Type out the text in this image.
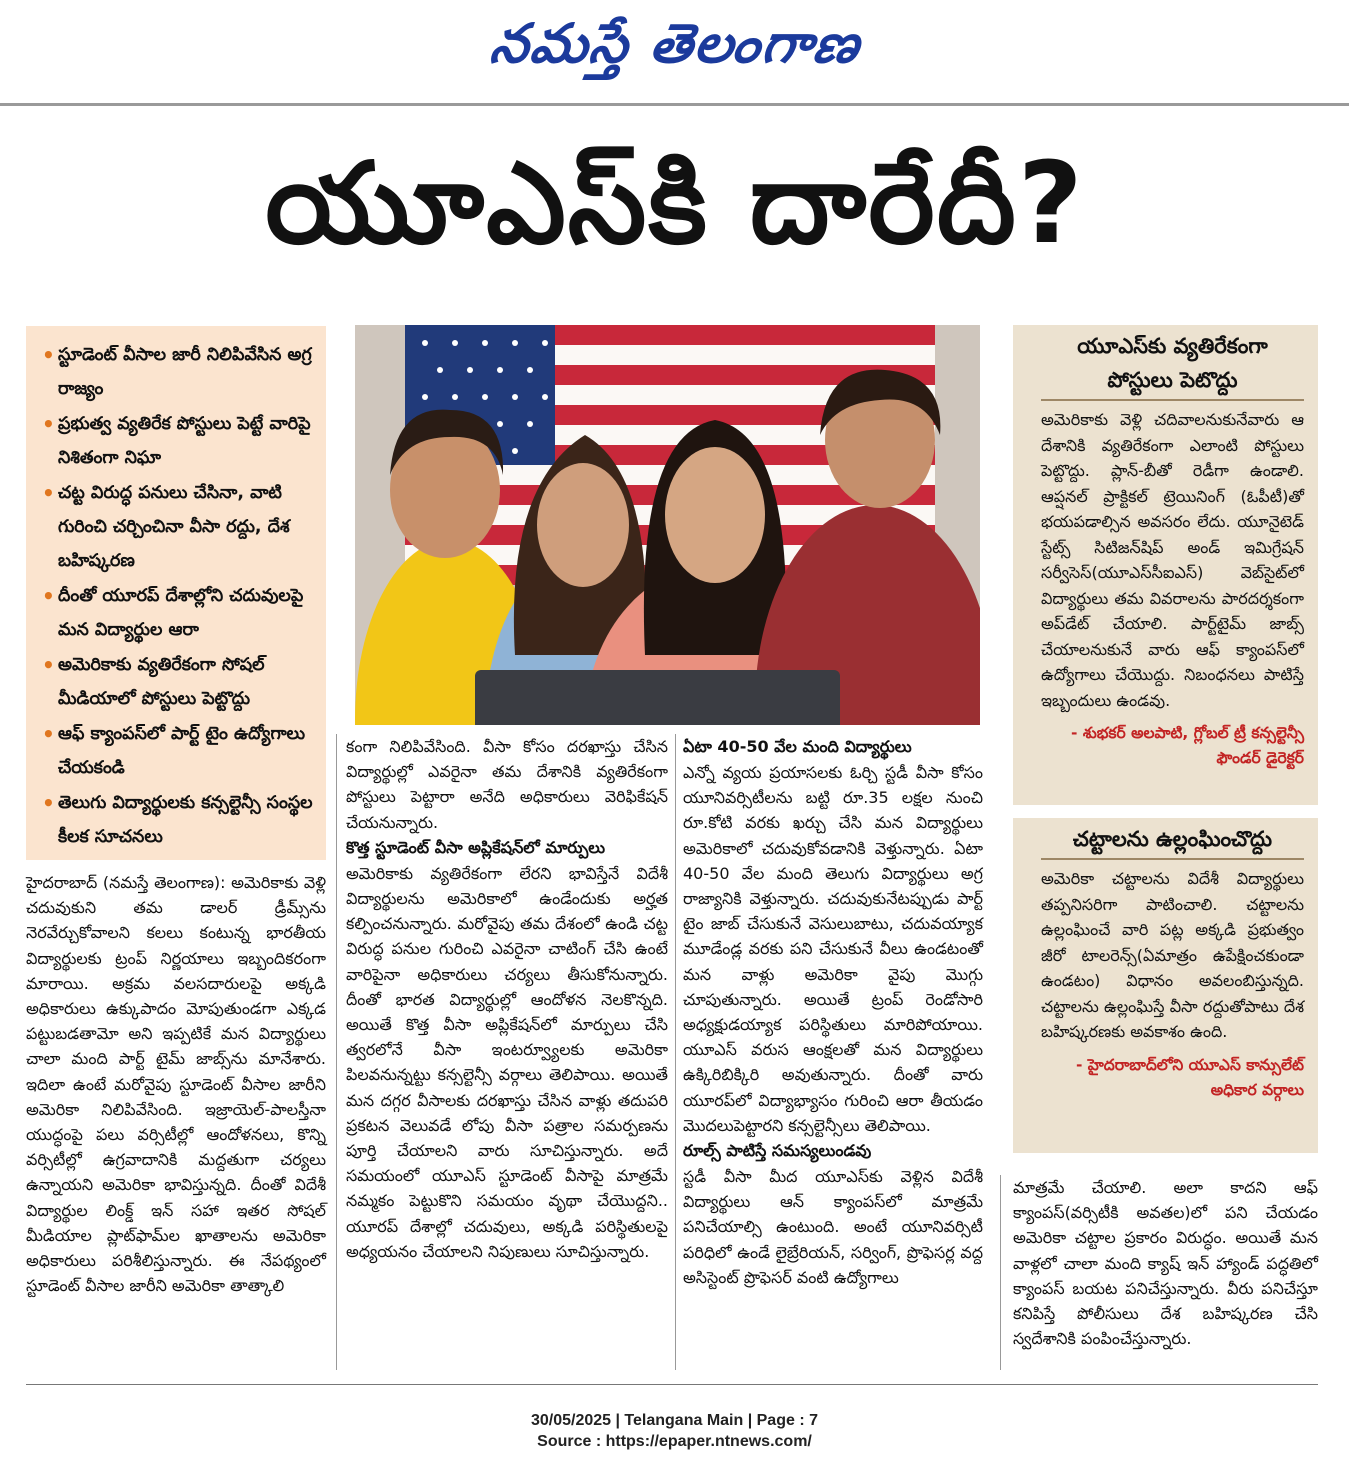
నమస్తే తెలంగాణ
యూఎస్‌కి దారేదీ?
• స్టూడెంట్ వీసాల జారీ నిలిపివేసిన అగ్ర రాజ్యం
• ప్రభుత్వ వ్యతిరేక పోస్టులు పెట్టే వారిపై నిశితంగా నిఘా
• చట్ట విరుద్ధ పనులు చేసినా, వాటి గురించి చర్చించినా వీసా రద్దు, దేశ బహిష్కరణ
• దీంతో యూరప్ దేశాల్లోని చదువులపై మన విద్యార్థుల ఆరా
• అమెరికాకు వ్యతిరేకంగా సోషల్ మీడియాలో పోస్టులు పెట్టొద్దు
• ఆఫ్ క్యాంపస్‌లో పార్ట్ టైం ఉద్యోగాలు చేయకండి
• తెలుగు విద్యార్థులకు కన్సల్టెన్సీ సంస్థల కీలక సూచనలు

హైదరాబాద్ (నమస్తే తెలంగాణ): అమెరికాకు వెళ్లి చదువుకుని తమ డాలర్ డ్రీమ్స్‌ను నెరవేర్చుకోవాలని కలలు కంటున్న భారతీయ విద్యార్థులకు ట్రంప్ నిర్ణయాలు ఇబ్బందికరంగా మారాయి. అక్రమ వలసదారులపై అక్కడి అధికారులు ఉక్కుపాదం మోపుతుండగా ఎక్కడ పట్టుబడతామో అని ఇప్పటికే మన విద్యార్థులు చాలా మంది పార్ట్ టైమ్ జాబ్స్‌ను మానేశారు. ఇదిలా ఉంటే మరోవైపు స్టూడెంట్ వీసాల జారీని అమెరికా నిలిపివేసింది. ఇజ్రాయెల్-పాలస్తీనా యుద్ధంపై పలు వర్సిటీల్లో ఆందోళనలు, కొన్ని వర్సిటీల్లో ఉగ్రవాదానికి మద్దతుగా చర్యలు ఉన్నాయని అమెరికా భావిస్తున్నది. దీంతో విదేశీ విద్యార్థుల లింక్డ్ ఇన్ సహా ఇతర సోషల్ మీడియాల ప్లాట్‌ఫామ్‌ల ఖాతాలను అమెరికా అధికారులు పరిశీలిస్తున్నారు. ఈ నేపథ్యంలో స్టూడెంట్ వీసాల జారీని అమెరికా తాత్కాలి

కంగా నిలిపివేసింది. వీసా కోసం దరఖాస్తు చేసిన విద్యార్థుల్లో ఎవరైనా తమ దేశానికి వ్యతిరేకంగా పోస్టులు పెట్టారా అనేది అధికారులు వెరిఫికేషన్ చేయనున్నారు.

కొత్త స్టూడెంట్ వీసా అప్లికేషన్‌లో మార్పులు

అమెరికాకు వ్యతిరేకంగా లేరని భావిస్తేనే విదేశీ విద్యార్థులను అమెరికాలో ఉండేందుకు అర్హత కల్పించనున్నారు. మరోవైపు తమ దేశంలో ఉండి చట్ట విరుద్ధ పనుల గురించి ఎవరైనా చాటింగ్ చేసి ఉంటే వారిపైనా అధికారులు చర్యలు తీసుకోనున్నారు. దీంతో భారత విద్యార్థుల్లో ఆందోళన నెలకొన్నది. అయితే కొత్త వీసా అప్లికేషన్‌లో మార్పులు చేసి త్వరలోనే వీసా ఇంటర్వ్యూలకు అమెరికా పిలవనున్నట్టు కన్సల్టెన్సీ వర్గాలు తెలిపాయి. అయితే మన దగ్గర వీసాలకు దరఖాస్తు చేసిన వాళ్లు తదుపరి ప్రకటన వెలువడే లోపు వీసా పత్రాల సమర్పణను పూర్తి చేయాలని వారు సూచిస్తున్నారు. అదే సమయంలో యూఎస్ స్టూడెంట్ వీసాపై మాత్రమే నమ్మకం పెట్టుకొని సమయం వృథా చేయొద్దని.. యూరప్ దేశాల్లో చదువులు, అక్కడి పరిస్థితులపై అధ్యయనం చేయాలని నిపుణులు సూచిస్తున్నారు.

ఏటా 40-50 వేల మంది విద్యార్థులు

ఎన్నో వ్యయ ప్రయాసలకు ఓర్చి స్టడీ వీసా కోసం యూనివర్సిటీలను బట్టి రూ.35 లక్షల నుంచి రూ.కోటి వరకు ఖర్చు చేసి మన విద్యార్థులు అమెరికాలో చదువుకోవడానికి వెళ్తున్నారు. ఏటా 40-50 వేల మంది తెలుగు విద్యార్థులు అగ్ర రాజ్యానికి వెళ్తున్నారు. చదువుకునేటప్పుడు పార్ట్ టైం జాబ్ చేసుకునే వెసులుబాటు, చదువయ్యాక మూడేండ్ల వరకు పని చేసుకునే వీలు ఉండటంతో మన వాళ్లు అమెరికా వైపు మొగ్గు చూపుతున్నారు. అయితే ట్రంప్ రెండోసారి అధ్యక్షుడయ్యాక పరిస్థితులు మారిపోయాయి. యూఎస్ వరుస ఆంక్షలతో మన విద్యార్థులు ఉక్కిరిబిక్కిరి అవుతున్నారు. దీంతో వారు యూరప్‌లో విద్యాభ్యాసం గురించి ఆరా తీయడం మొదలుపెట్టారని కన్సల్టెన్సీలు తెలిపాయి.

రూల్స్ పాటిస్తే సమస్యలుండవు

స్టడీ వీసా మీద యూఎస్‌కు వెళ్లిన విదేశీ విద్యార్థులు ఆన్ క్యాంపస్‌లో మాత్రమే పనిచేయాల్సి ఉంటుంది. అంటే యూనివర్సిటీ పరిధిలో ఉండే లైబ్రేరియన్, సర్వింగ్, ప్రొఫెసర్ల వద్ద అసిస్టెంట్ ప్రొఫెసర్ వంటి ఉద్యోగాలు

యూఎస్‌కు వ్యతిరేకంగా పోస్టులు పెటొద్దు

అమెరికాకు వెళ్లి చదివాలనుకునేవారు ఆ దేశానికి వ్యతిరేకంగా ఎలాంటి పోస్టులు పెట్టొద్దు. ప్లాన్-బీతో రెడీగా ఉండాలి. ఆప్షనల్ ప్రాక్టికల్ ట్రెయినింగ్ (ఓపీటీ)తో భయపడాల్సిన అవసరం లేదు. యూనైటెడ్ స్టేట్స్ సిటిజన్‌షిప్ అండ్ ఇమిగ్రేషన్ సర్వీసెస్(యూఎస్‌సీఐఎస్) వెబ్‌సైట్‌లో విద్యార్థులు తమ వివరాలను పారదర్శకంగా అప్‌డేట్ చేయాలి. పార్ట్‌టైమ్ జాబ్స్ చేయాలనుకునే వారు ఆఫ్ క్యాంపస్‌లో ఉద్యోగాలు చేయొద్దు. నిబంధనలు పాటిస్తే ఇబ్బందులు ఉండవు.

- శుభకర్ అలపాటి, గ్లోబల్ ట్రీ కన్సల్టెన్సీ ఫౌండర్ డైరెక్టర్

చట్టాలను ఉల్లంఘించొద్దు

అమెరికా చట్టాలను విదేశీ విద్యార్థులు తప్పనిసరిగా పాటించాలి. చట్టాలను ఉల్లంఘించే వారి పట్ల అక్కడి ప్రభుత్వం జీరో టాలరెన్స్(ఏమాత్రం ఉపేక్షించకుండా ఉండటం) విధానం అవలంబిస్తున్నది. చట్టాలను ఉల్లంఘిస్తే వీసా రద్దుతోపాటు దేశ బహిష్కరణకు అవకాశం ఉంది.

- హైదరాబాద్‌లోని యూఎస్ కాన్సులేట్ అధికార వర్గాలు

మాత్రమే చేయాలి. అలా కాదని ఆఫ్ క్యాంపస్(వర్సిటీకి అవతల)లో పని చేయడం అమెరికా చట్టాల ప్రకారం విరుద్ధం. అయితే మన వాళ్లలో చాలా మంది క్యాష్ ఇన్ హ్యాండ్ పద్ధతిలో క్యాంపస్ బయట పనిచేస్తున్నారు. వీరు పనిచేస్తూ కనిపిస్తే పోలీసులు దేశ బహిష్కరణ చేసి స్వదేశానికి పంపించేస్తున్నారు.

30/05/2025 | Telangana Main | Page : 7
Source : https://epaper.ntnews.com/
